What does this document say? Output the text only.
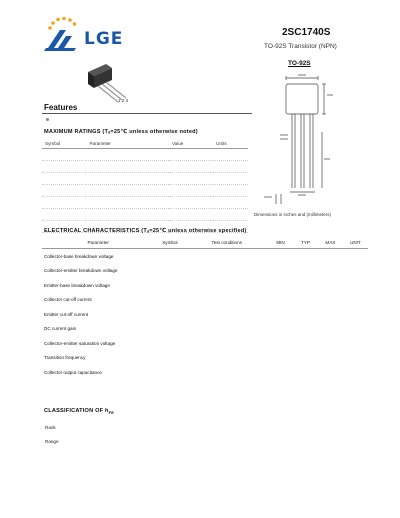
LGE	2SC1740S
TO-92S Transistor (NPN)
TO-92S
1 2 3
Features
MAXIMUM RATINGS (Tₐ=25℃ unless otherwise noted)
Symbol	Parameter	Value	Units

Dimensions in inches and (millimeters)
ELECTRICAL CHARACTERISTICS (Tₐ=25℃ unless otherwise specified)
Parameter	Symbol	Test conditions	MIN	TYP	MAX	UNIT
Collector-base breakdown voltage						
Collector-emitter breakdown voltage						
Emitter-base breakdown voltage						
Collector cut-off current						
Emitter cut-off current						
DC current gain						
Collector-emitter saturation voltage						
Transition frequency						
Collector output capacitance						
CLASSIFICATION OF $h_{FE}$
Rank
Range
